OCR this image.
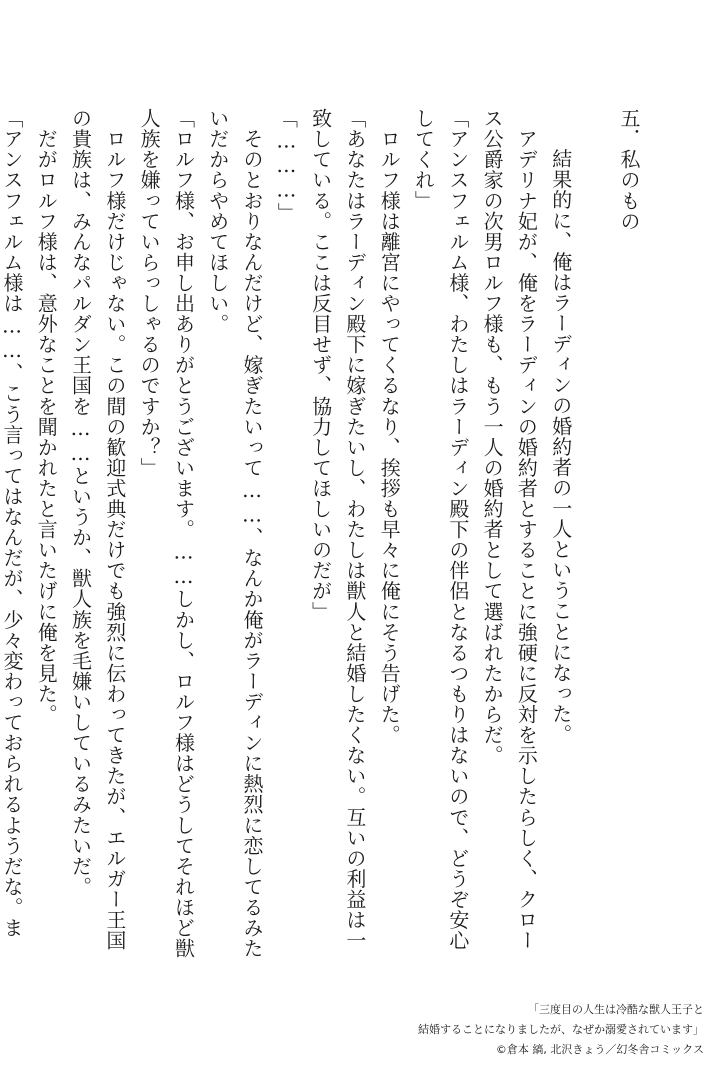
五．私のもの

　結果的に、俺はラーディンの婚約者の一人ということになった。

　アデリナ妃が、俺をラーディンの婚約者とすることに強硬に反対を示したらしく、クロース公爵家の次男ロルフ様も、もう一人の婚約者として選ばれたからだ。

「アンスフェルム様、わたしはラーディン殿下の伴侶となるつもりはないので、どうぞ安心してくれ」

　ロルフ様は離宮にやってくるなり、挨拶も早々に俺にそう告げた。

「あなたはラーディン殿下に嫁ぎたいし、わたしは獣人と結婚したくない。互いの利益は一致している。ここは反目せず、協力してほしいのだが」

「………」

　そのとおりなんだけど、嫁ぎたいって……、なんか俺がラーディンに熱烈に恋してるみたいだからやめてほしい。

「ロルフ様、お申し出ありがとうございます。……しかし、ロルフ様はどうしてそれほど獣人族を嫌っていらっしゃるのですか？」

　ロルフ様だけじゃない。この間の歓迎式典だけでも強烈に伝わってきたが、エルガー王国の貴族は、みんなパルダン王国を……というか、獣人族を毛嫌いしているみたいだ。

　だがロルフ様は、意外なことを聞かれたと言いたげに俺を見た。

「アンスフェルム様は……、こう言ってはなんだが、少々変わっておられるようだな。ま

「三度目の人生は冷酷な獣人王子と
結婚することになりましたが、なぜか溺愛されています」
©倉本 縞, 北沢きょう／幻冬舎コミックス
